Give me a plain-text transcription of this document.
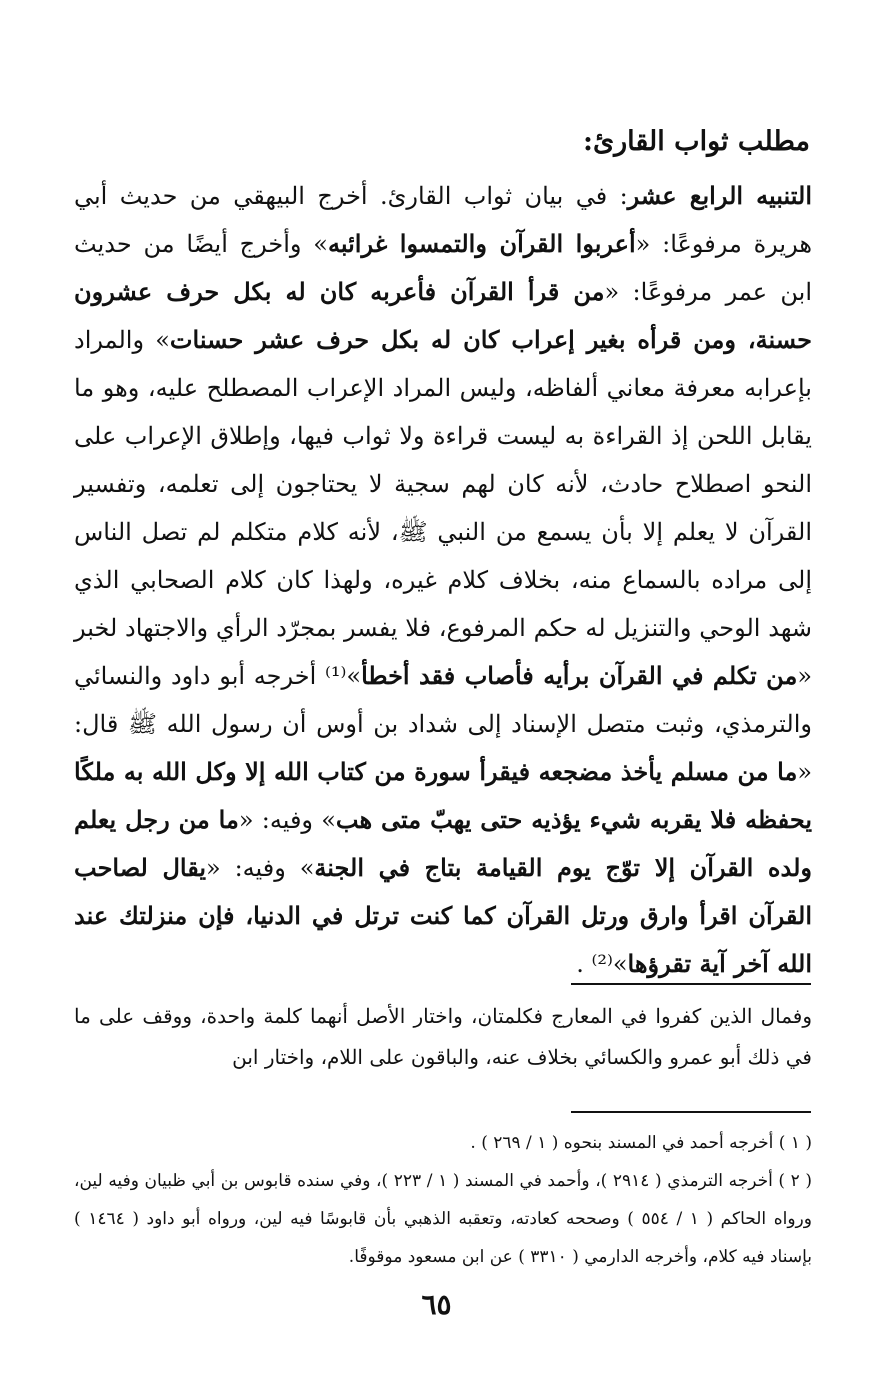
مطلب ثواب القارئ:

التنبيه الرابع عشر: في بيان ثواب القارئ. أخرج البيهقي من حديث أبي هريرة مرفوعًا: «أعربوا القرآن والتمسوا غرائبه» وأخرج أيضًا من حديث ابن عمر مرفوعًا: «من قرأ القرآن فأعربه كان له بكل حرف عشرون حسنة، ومن قرأه بغير إعراب كان له بكل حرف عشر حسنات» والمراد بإعرابه معرفة معاني ألفاظه، وليس المراد الإعراب المصطلح عليه، وهو ما يقابل اللحن إذ القراءة به ليست قراءة ولا ثواب فيها، وإطلاق الإعراب على النحو اصطلاح حادث، لأنه كان لهم سجية لا يحتاجون إلى تعلمه، وتفسير القرآن لا يعلم إلا بأن يسمع من النبي ﷺ، لأنه كلام متكلم لم تصل الناس إلى مراده بالسماع منه، بخلاف كلام غيره، ولهذا كان كلام الصحابي الذي شهد الوحي والتنزيل له حكم المرفوع، فلا يفسر بمجرّد الرأي والاجتهاد لخبر «من تكلم في القرآن برأيه فأصاب فقد أخطأ»⁽¹⁾ أخرجه أبو داود والنسائي والترمذي، وثبت متصل الإسناد إلى شداد بن أوس أن رسول الله ﷺ قال: «ما من مسلم يأخذ مضجعه فيقرأ سورة من كتاب الله إلا وكل الله به ملكًا يحفظه فلا يقربه شيء يؤذيه حتى يهبّ متى هب» وفيه: «ما من رجل يعلم ولده القرآن إلا توّج يوم القيامة بتاج في الجنة» وفيه: «يقال لصاحب القرآن اقرأ وارق ورتل القرآن كما كنت ترتل في الدنيا، فإن منزلتك عند الله آخر آية تقرؤها»⁽²⁾ .

وفمال الذين كفروا في المعارج فكلمتان، واختار الأصل أنهما كلمة واحدة، ووقف على ما في ذلك أبو عمرو والكسائي بخلاف عنه، والباقون على اللام، واختار ابن

( ١ ) أخرجه أحمد في المسند بنحوه ( ١ / ٢٦٩ ) .

( ٢ ) أخرجه الترمذي ( ٢٩١٤ )، وأحمد في المسند ( ١ / ٢٢٣ )، وفي سنده قابوس بن أبي ظبيان وفيه لين، ورواه الحاكم ( ١ / ٥٥٤ ) وصححه كعادته، وتعقبه الذهبي بأن قابوسًا فيه لين، ورواه أبو داود ( ١٤٦٤ ) بإسناد فيه كلام، وأخرجه الدارمي ( ٣٣١٠ ) عن ابن مسعود موقوفًا.

٦٥
